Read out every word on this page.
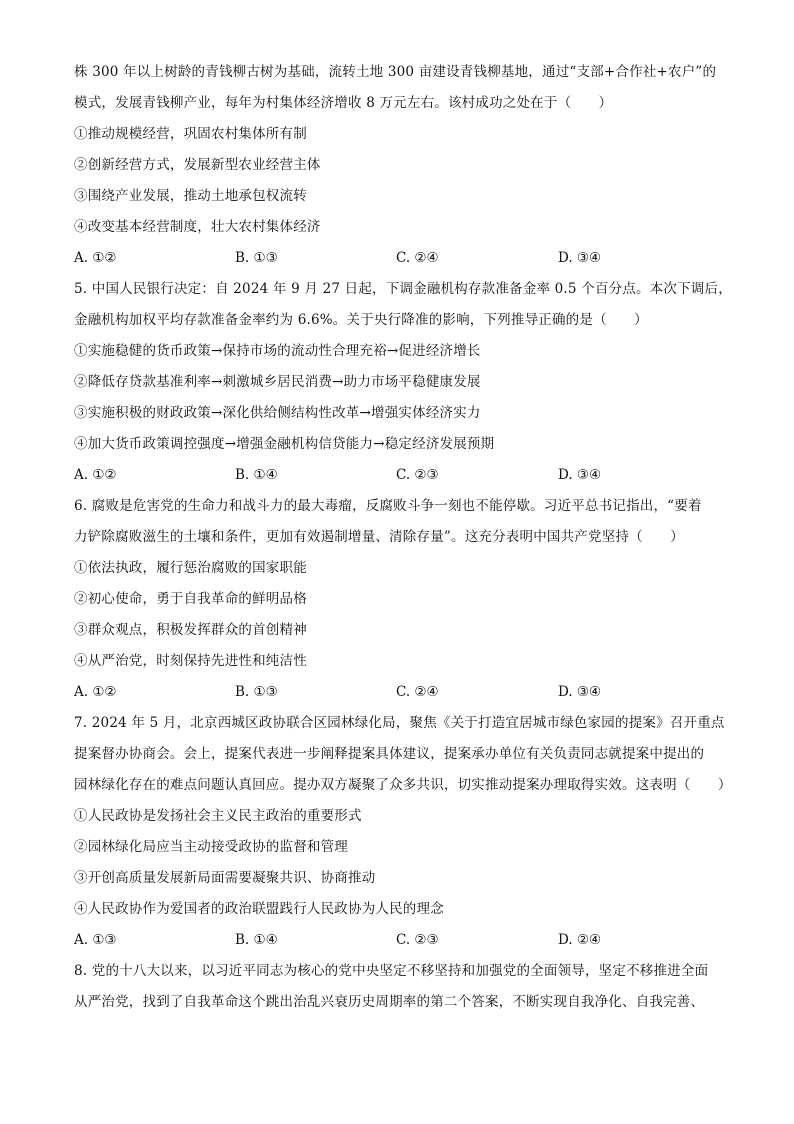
株 300 年以上树龄的青钱柳古树为基础，流转土地 300 亩建设青钱柳基地，通过“支部+合作社+农户”的
模式，发展青钱柳产业，每年为村集体经济增收 8 万元左右。该村成功之处在于（　　）
①推动规模经营，巩固农村集体所有制
②创新经营方式，发展新型农业经营主体
③围绕产业发展，推动土地承包权流转
④改变基本经营制度，壮大农村集体经济
A. ①②	B. ①③	C. ②④	D. ③④
5. 中国人民银行决定：自 2024 年 9 月 27 日起，下调金融机构存款准备金率 0.5 个百分点。本次下调后，
金融机构加权平均存款准备金率约为 6.6%。关于央行降准的影响，下列推导正确的是（　　）
①实施稳健的货币政策→保持市场的流动性合理充裕→促进经济增长
②降低存贷款基准利率→刺激城乡居民消费→助力市场平稳健康发展
③实施积极的财政政策→深化供给侧结构性改革→增强实体经济实力
④加大货币政策调控强度→增强金融机构信贷能力→稳定经济发展预期
A. ①②	B. ①④	C. ②③	D. ③④
6. 腐败是危害党的生命力和战斗力的最大毒瘤，反腐败斗争一刻也不能停歇。习近平总书记指出，“要着
力铲除腐败滋生的土壤和条件，更加有效遏制增量、清除存量”。这充分表明中国共产党坚持（　　）
①依法执政，履行惩治腐败的国家职能
②初心使命，勇于自我革命的鲜明品格
③群众观点，积极发挥群众的首创精神
④从严治党，时刻保持先进性和纯洁性
A. ①②	B. ①③	C. ②④	D. ③④
7. 2024 年 5 月，北京西城区政协联合区园林绿化局，聚焦《关于打造宜居城市绿色家园的提案》召开重点
提案督办协商会。会上，提案代表进一步阐释提案具体建议，提案承办单位有关负责同志就提案中提出的
园林绿化存在的难点问题认真回应。提办双方凝聚了众多共识，切实推动提案办理取得实效。这表明（　　）
①人民政协是发扬社会主义民主政治的重要形式
②园林绿化局应当主动接受政协的监督和管理
③开创高质量发展新局面需要凝聚共识、协商推动
④人民政协作为爱国者的政治联盟践行人民政协为人民的理念
A. ①③	B. ①④	C. ②③	D. ②④
8. 党的十八大以来，以习近平同志为核心的党中央坚定不移坚持和加强党的全面领导，坚定不移推进全面
从严治党，找到了自我革命这个跳出治乱兴衰历史周期率的第二个答案，不断实现自我净化、自我完善、
